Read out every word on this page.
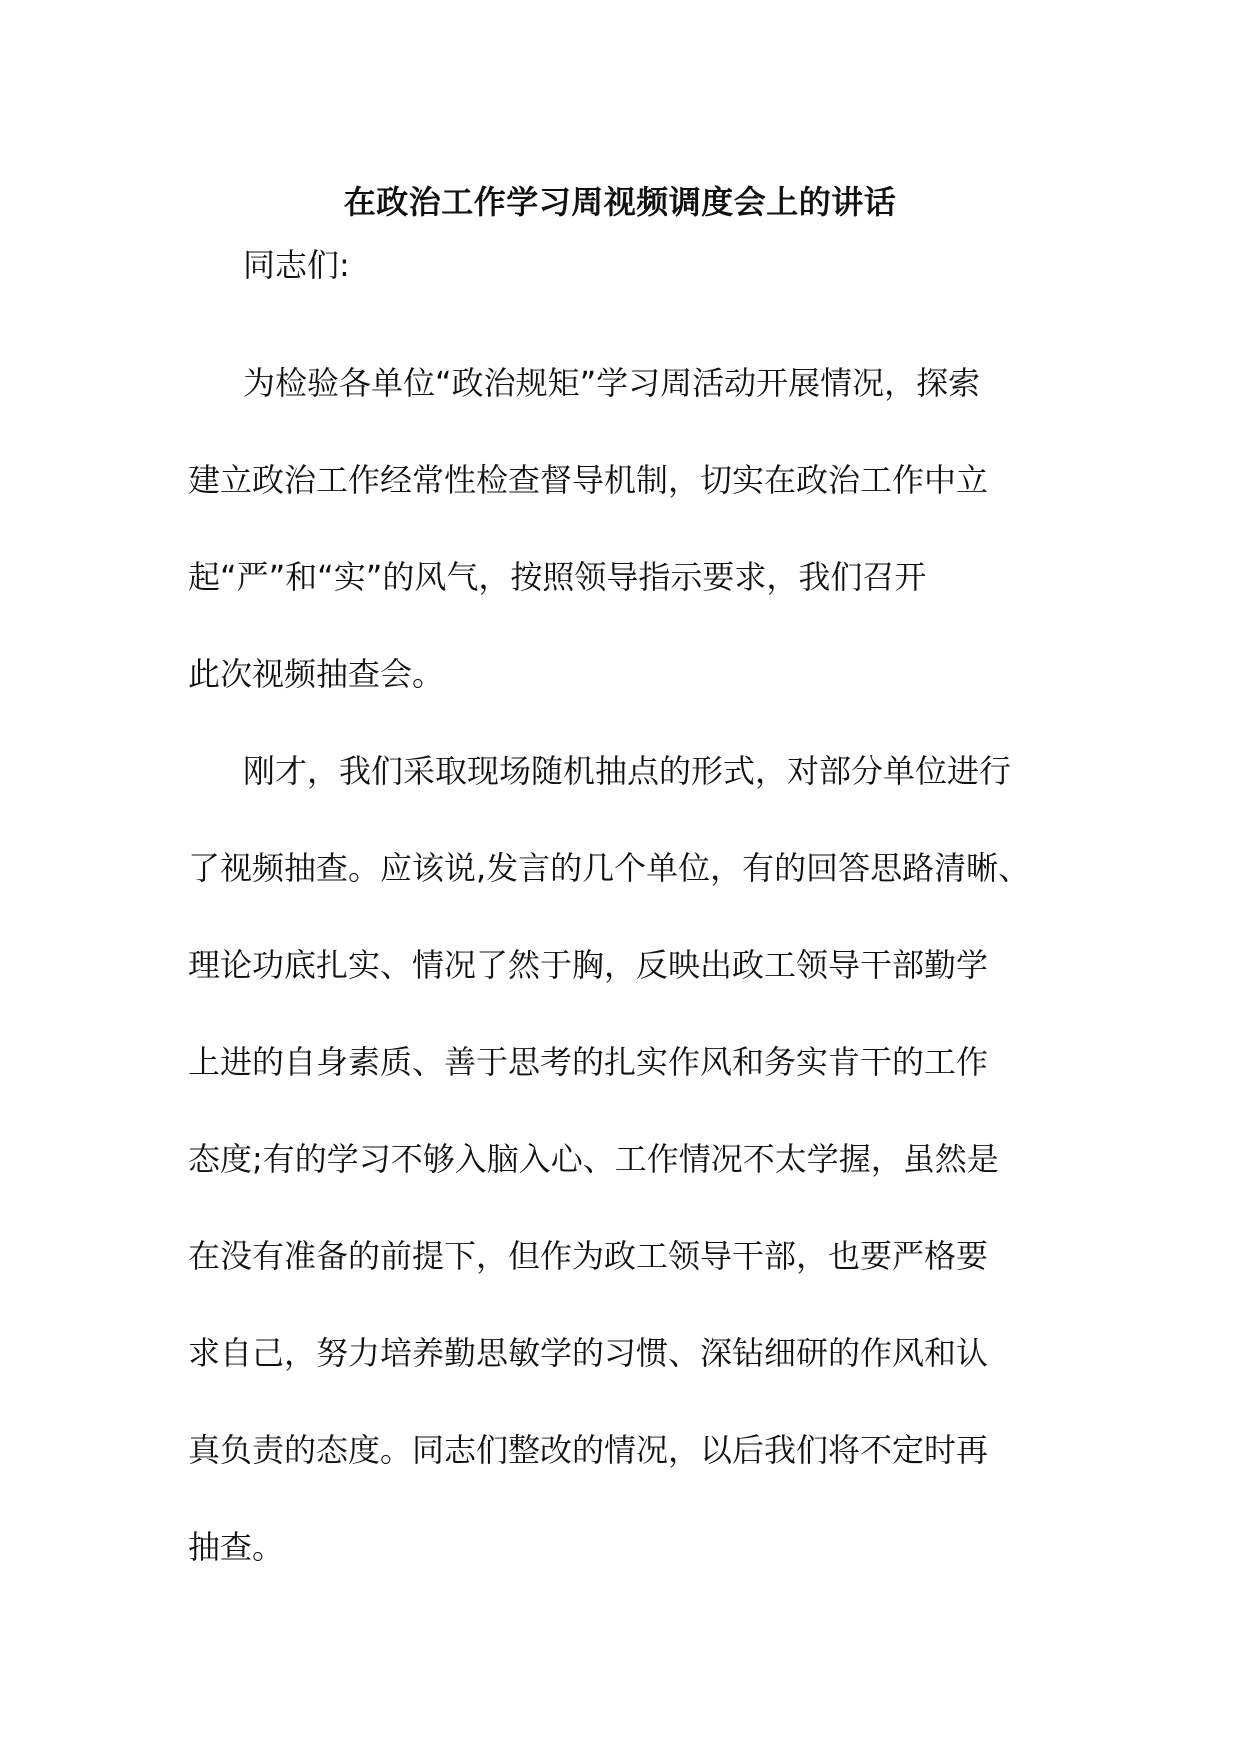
在政治工作学习周视频调度会上的讲话
同志们:
为检验各单位“政治规矩”学习周活动开展情况，探索
建立政治工作经常性检查督导机制，切实在政治工作中立
起“严”和“实”的风气，按照领导指示要求，我们召开
此次视频抽查会。
刚才，我们采取现场随机抽点的形式，对部分单位进行
了视频抽查。应该说,发言的几个单位，有的回答思路清晰、
理论功底扎实、情况了然于胸，反映出政工领导干部勤学
上进的自身素质、善于思考的扎实作风和务实肯干的工作
态度;有的学习不够入脑入心、工作情况不太学握，虽然是
在没有准备的前提下，但作为政工领导干部，也要严格要
求自己，努力培养勤思敏学的习惯、深钻细研的作风和认
真负责的态度。同志们整改的情况，以后我们将不定时再
抽查。
